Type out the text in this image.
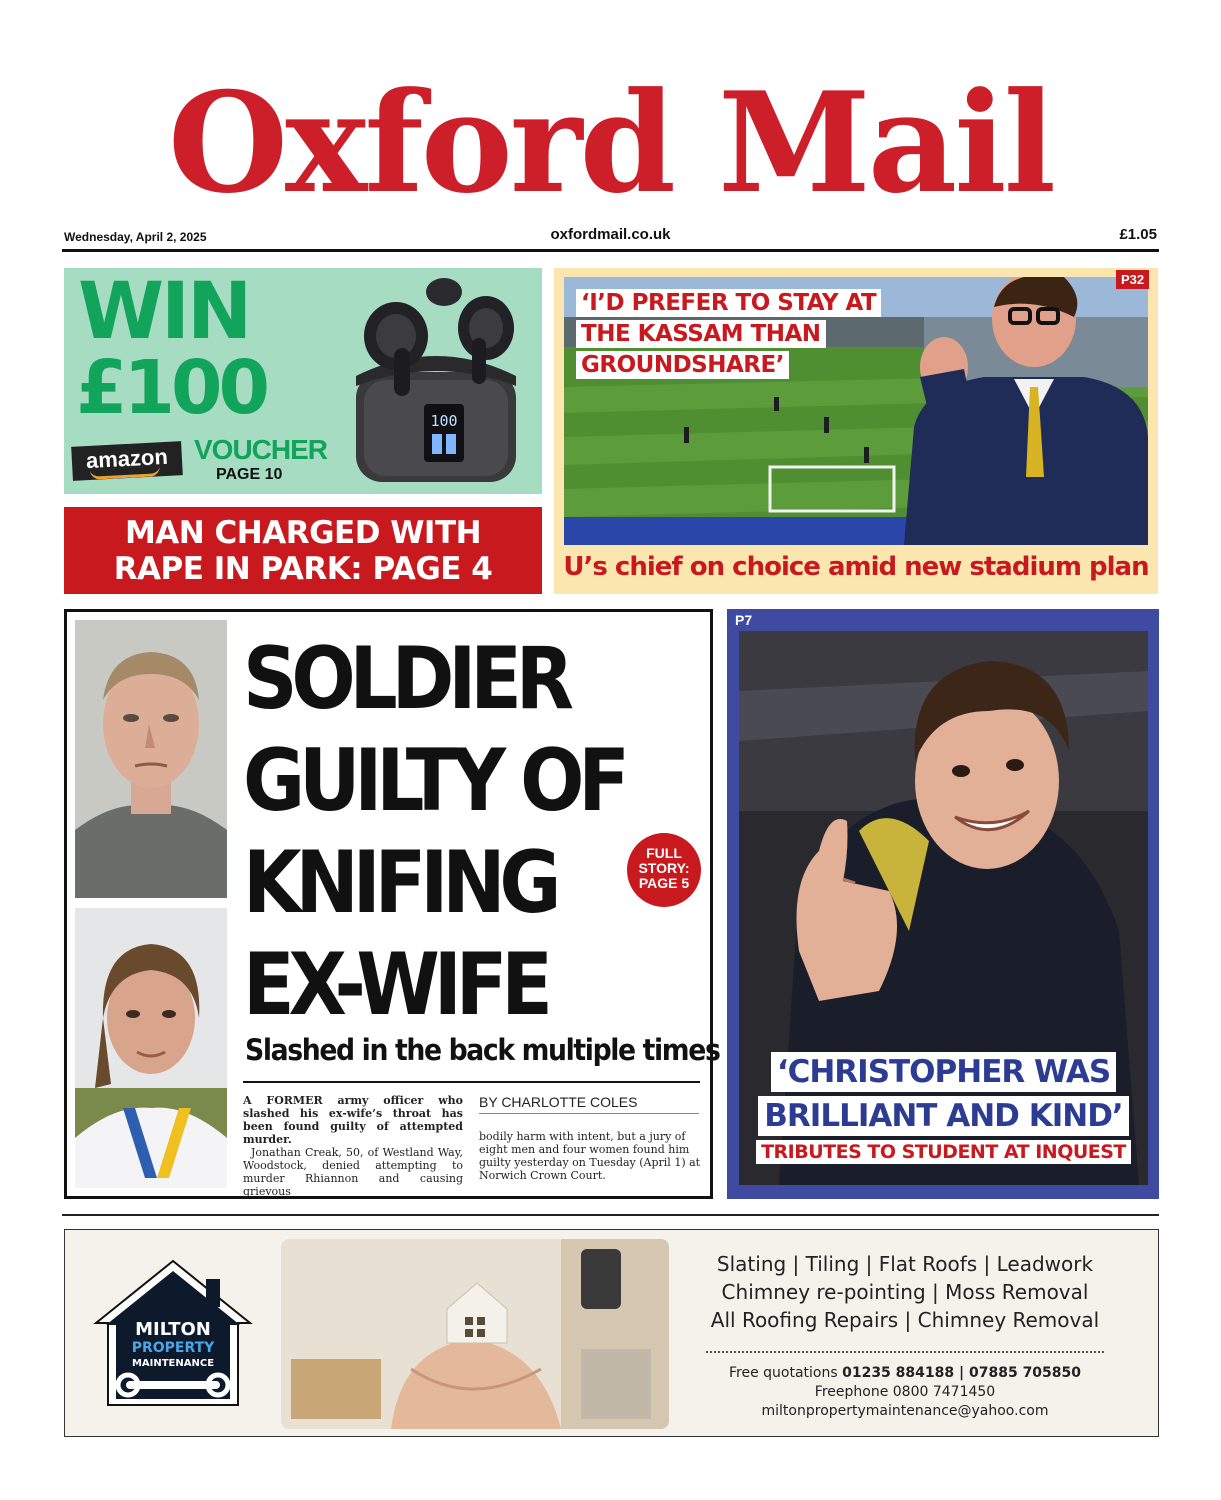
Oxford Mail
Wednesday, April 2, 2025	oxfordmail.co.uk	£1.05
WIN
£100
amazon VOUCHER
PAGE 10
100
MAN CHARGED WITH
RAPE IN PARK: PAGE 4
P32
‘I’D PREFER TO STAY AT
THE KASSAM THAN
GROUNDSHARE’
U’s chief on choice amid new stadium plan
SOLDIER
GUILTY OF
KNIFING
EX-WIFE
FULL
STORY:
PAGE 5
Slashed in the back multiple times

A FORMER army officer who slashed his ex-wife’s throat has been found guilty of attempted murder.

Jonathan Creak, 50, of Westland Way, Woodstock, denied attempting to murder Rhiannon and causing grievous

BY CHARLOTTE COLES
bodily harm with intent, but a jury of eight men and four women found him guilty yesterday on Tuesday (April 1) at Norwich Crown Court.
P7
‘CHRISTOPHER WAS
BRILLIANT AND KIND’
TRIBUTES TO STUDENT AT INQUEST
MILTON
PROPERTY
MAINTENANCE
Slating | Tiling | Flat Roofs | Leadwork
Chimney re-pointing | Moss Removal
All Roofing Repairs | Chimney Removal
Free quotations 01235 884188 | 07885 705850
Freephone 0800 7471450
miltonpropertymaintenance@yahoo.com
